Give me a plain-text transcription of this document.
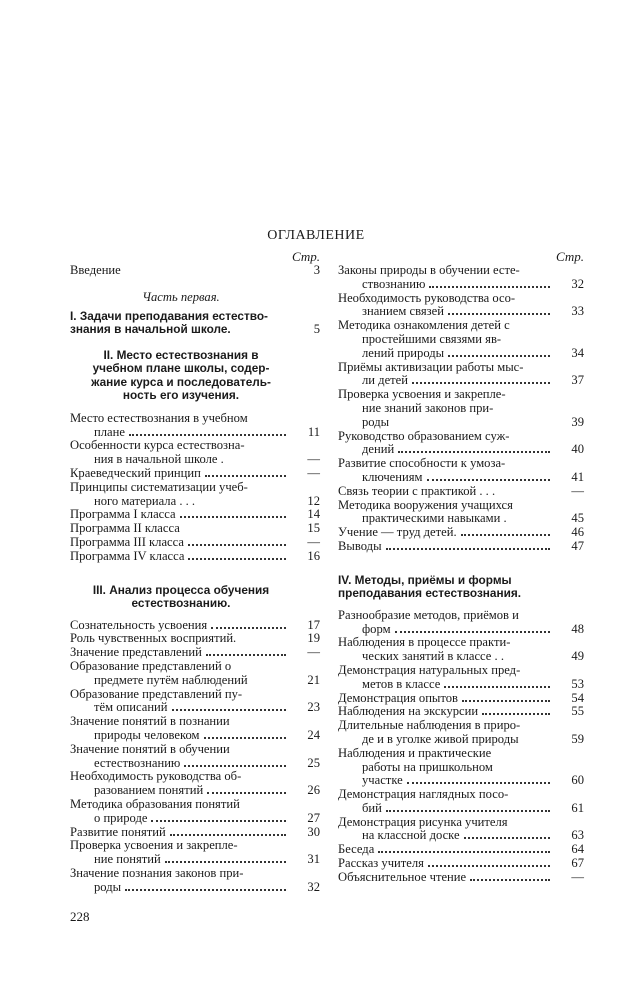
ОГЛАВЛЕНИЕ
Стр.
Введение	3
Часть первая.
I. Задачи преподавания естество-
знания в начальной школе.	5
II. Место естествознания в
учебном плане школы, содер-
жание курса и последователь-
ность его изучения.
Место естествознания в учебном
плане	11
Особенности курса естествозна-
ния в начальной школе .	—
Краеведческий принцип	—
Принципы систематизации учеб-
ного материала . . .	12
Программа I класса	14
Программа II класса	15
Программа III класса	—
Программа IV класса	16
III. Анализ процесса обучения
естествознанию.
Сознательность усвоения	17
Роль чувственных восприятий.	19
Значение представлений	—
Образование представлений о
предмете путём наблюдений	21
Образование представлений пу-
тём описаний	23
Значение понятий в познании
природы человеком	24
Значение понятий в обучении
естествознанию	25
Необходимость руководства об-
разованием понятий	26
Методика образования понятий
о природе	27
Развитие понятий	30
Проверка усвоения и закрепле-
ние понятий	31
Значение познания законов при-
роды	32
228
Стр.
Законы природы в обучении есте-
ствознанию	32
Необходимость руководства осо-
знанием связей	33
Методика ознакомления детей с
простейшими связями яв-
лений природы	34
Приёмы активизации работы мыс-
ли детей	37
Проверка усвоения и закрепле-
ние знаний законов при-
роды	39
Руководство образованием суж-
дений	40
Развитие способности к умоза-
ключениям	41
Связь теории с практикой . . .	—
Методика вооружения учащихся
практическими навыками .	45
Учение — труд детей.	46
Выводы	47
IV. Методы, приёмы и формы
преподавания естествознания.
Разнообразие методов, приёмов и
форм	48
Наблюдения в процессе практи-
ческих занятий в классе . .	49
Демонстрация натуральных пред-
метов в классе	53
Демонстрация опытов	54
Наблюдения на экскурсии	55
Длительные наблюдения в приро-
де и в уголке живой природы	59
Наблюдения и практические
работы на пришкольном
участке	60
Демонстрация наглядных посо-
бий	61
Демонстрация рисунка учителя
на классной доске	63
Беседа	64
Рассказ учителя	67
Объяснительное чтение	—
